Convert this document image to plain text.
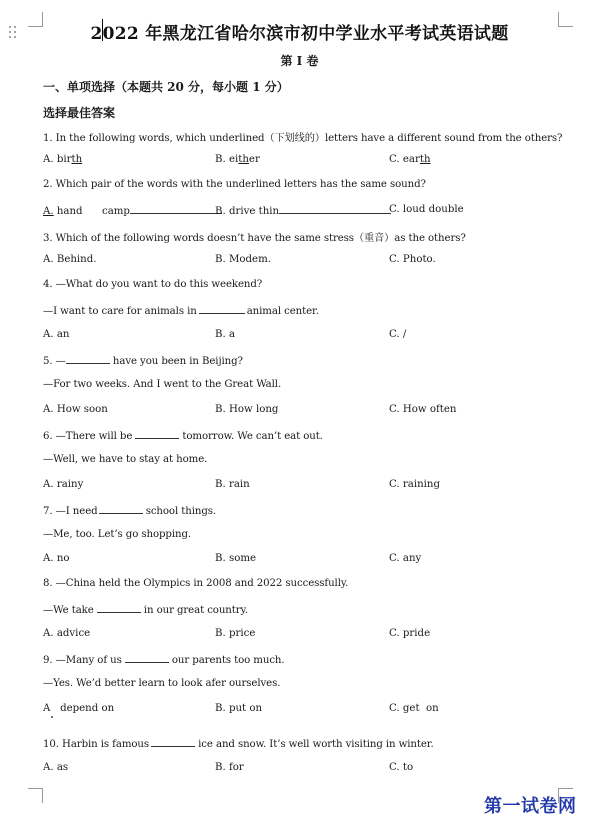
2022 年黑龙江省哈尔滨市初中学业水平考试英语试题
第 I 卷
一、单项选择（本题共 20 分，每小题 1 分）
选择最佳答案
1. In the following words, which underlined（下划线的）letters have a different sound from the others?
A. birth	B. either	C. earth
2. Which pair of the words with the underlined letters has the same sound?
A. hand      camp	B. drive thin	C. loud double
3. Which of the following words doesn’t have the same stress（重音）as the others?
A. Behind.	B. Modem.	C. Photo.
4. —What do you want to do this weekend?
—I want to care for animals in	animal center.
A. an	B. a	C. /
5. —	have you been in Beijing?
—For two weeks. And I went to the Great Wall.
A. How soon	B. How long	C. How often
6. —There will be	tomorrow. We can’t eat out.
—Well, we have to stay at home.
A. rainy	B. rain	C. raining
7. —I need	school things.
—Me, too. Let’s go shopping.
A. no	B. some	C. any
8. —China held the Olympics in 2008 and 2022 successfully.
—We take	in our great country.
A. advice	B. price	C. pride
9. —Many of us	our parents too much.
—Yes. We’d better learn to look afer ourselves.
A   depend on	B. put on	C. get  on
10. Harbin is famous	ice and snow. It’s well worth visiting in winter.
A. as	B. for	C. to
第一试卷网
